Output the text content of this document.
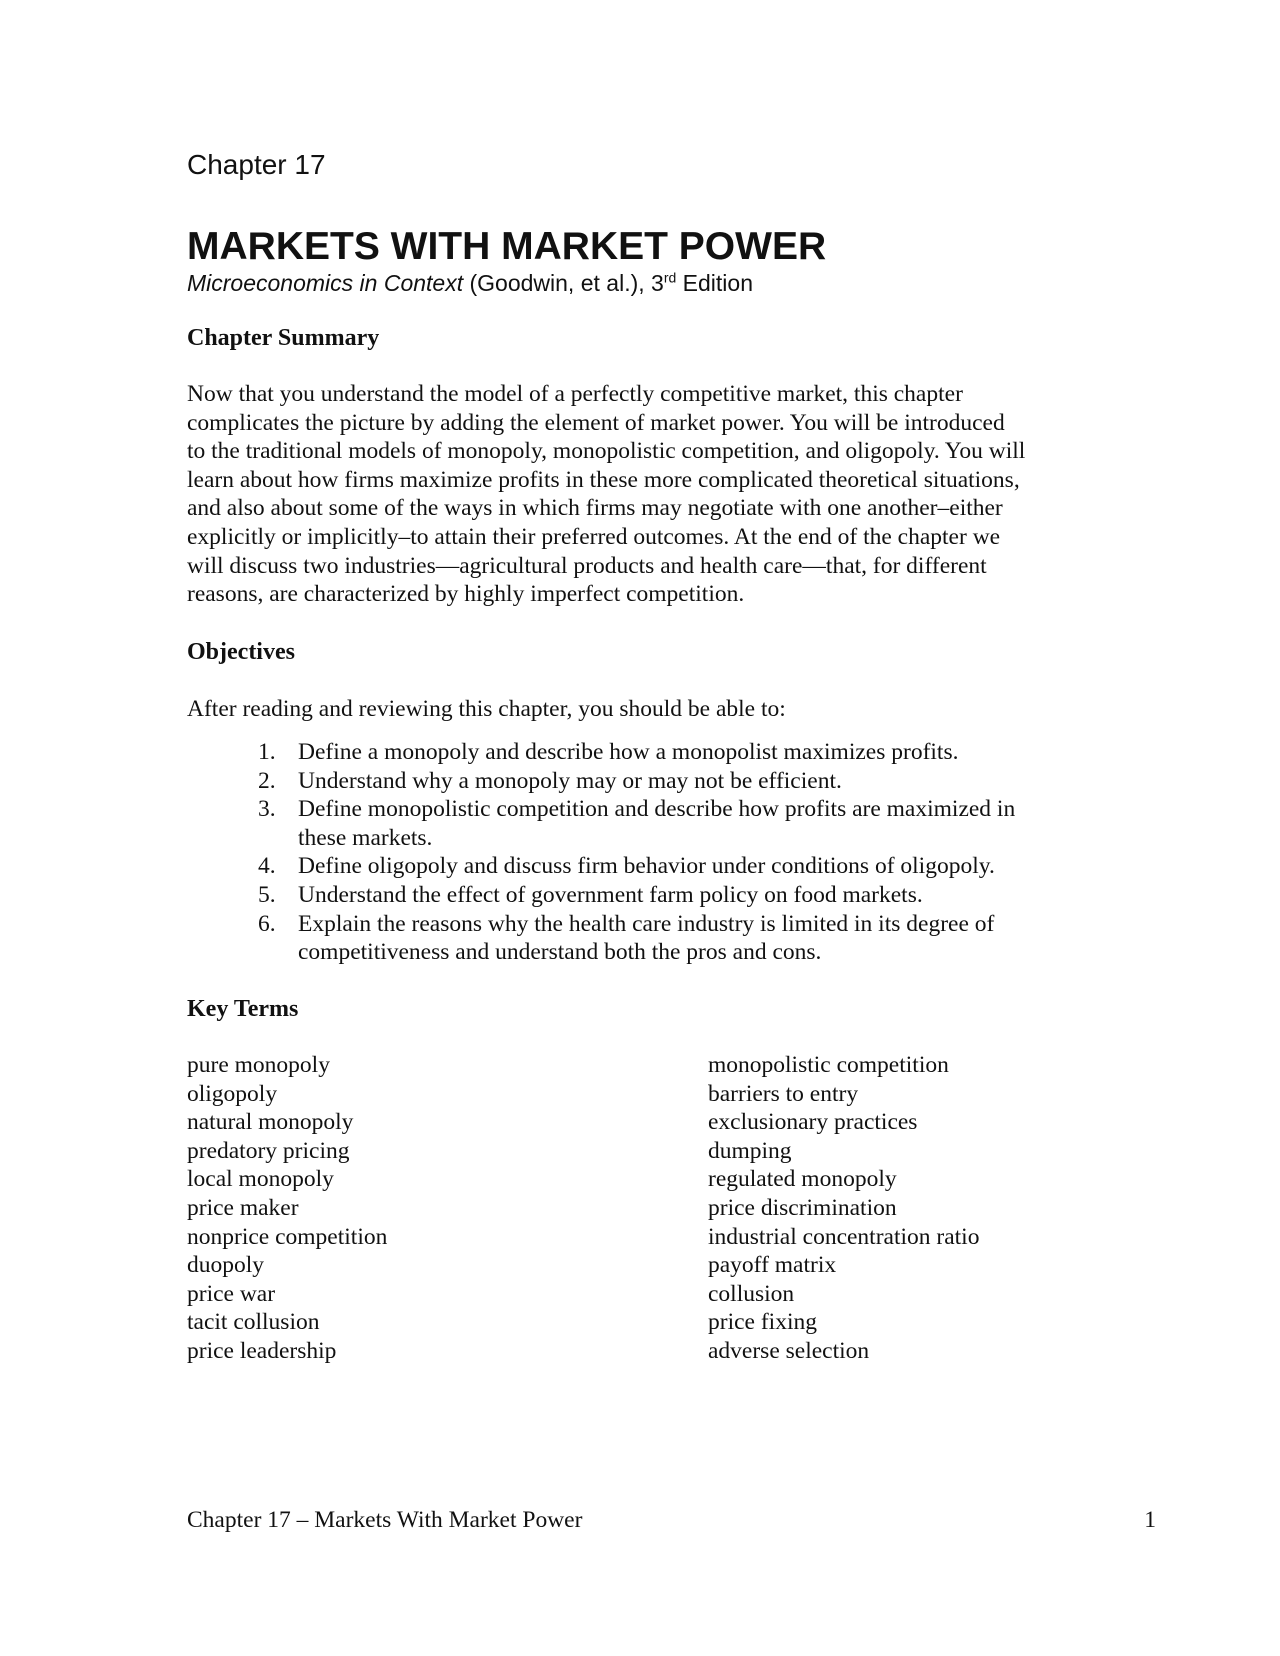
Chapter 17
MARKETS WITH MARKET POWER
Microeconomics in Context (Goodwin, et al.), 3rd Edition
Chapter Summary
Now that you understand the model of a perfectly competitive market, this chapter
complicates the picture by adding the element of market power. You will be introduced
to the traditional models of monopoly, monopolistic competition, and oligopoly. You will
learn about how firms maximize profits in these more complicated theoretical situations,
and also about some of the ways in which firms may negotiate with one another–either
explicitly or implicitly–to attain their preferred outcomes. At the end of the chapter we
will discuss two industries—agricultural products and health care—that, for different
reasons, are characterized by highly imperfect competition.
Objectives
After reading and reviewing this chapter, you should be able to:
1. Define a monopoly and describe how a monopolist maximizes profits.
2. Understand why a monopoly may or may not be efficient.
3. Define monopolistic competition and describe how profits are maximized in
these markets.
4. Define oligopoly and discuss firm behavior under conditions of oligopoly.
5. Understand the effect of government farm policy on food markets.
6. Explain the reasons why the health care industry is limited in its degree of
competitiveness and understand both the pros and cons.
Key Terms
pure monopoly
oligopoly
natural monopoly
predatory pricing
local monopoly
price maker
nonprice competition
duopoly
price war
tacit collusion
price leadership
monopolistic competition
barriers to entry
exclusionary practices
dumping
regulated monopoly
price discrimination
industrial concentration ratio
payoff matrix
collusion
price fixing
adverse selection
Chapter 17 – Markets With Market Power	1
